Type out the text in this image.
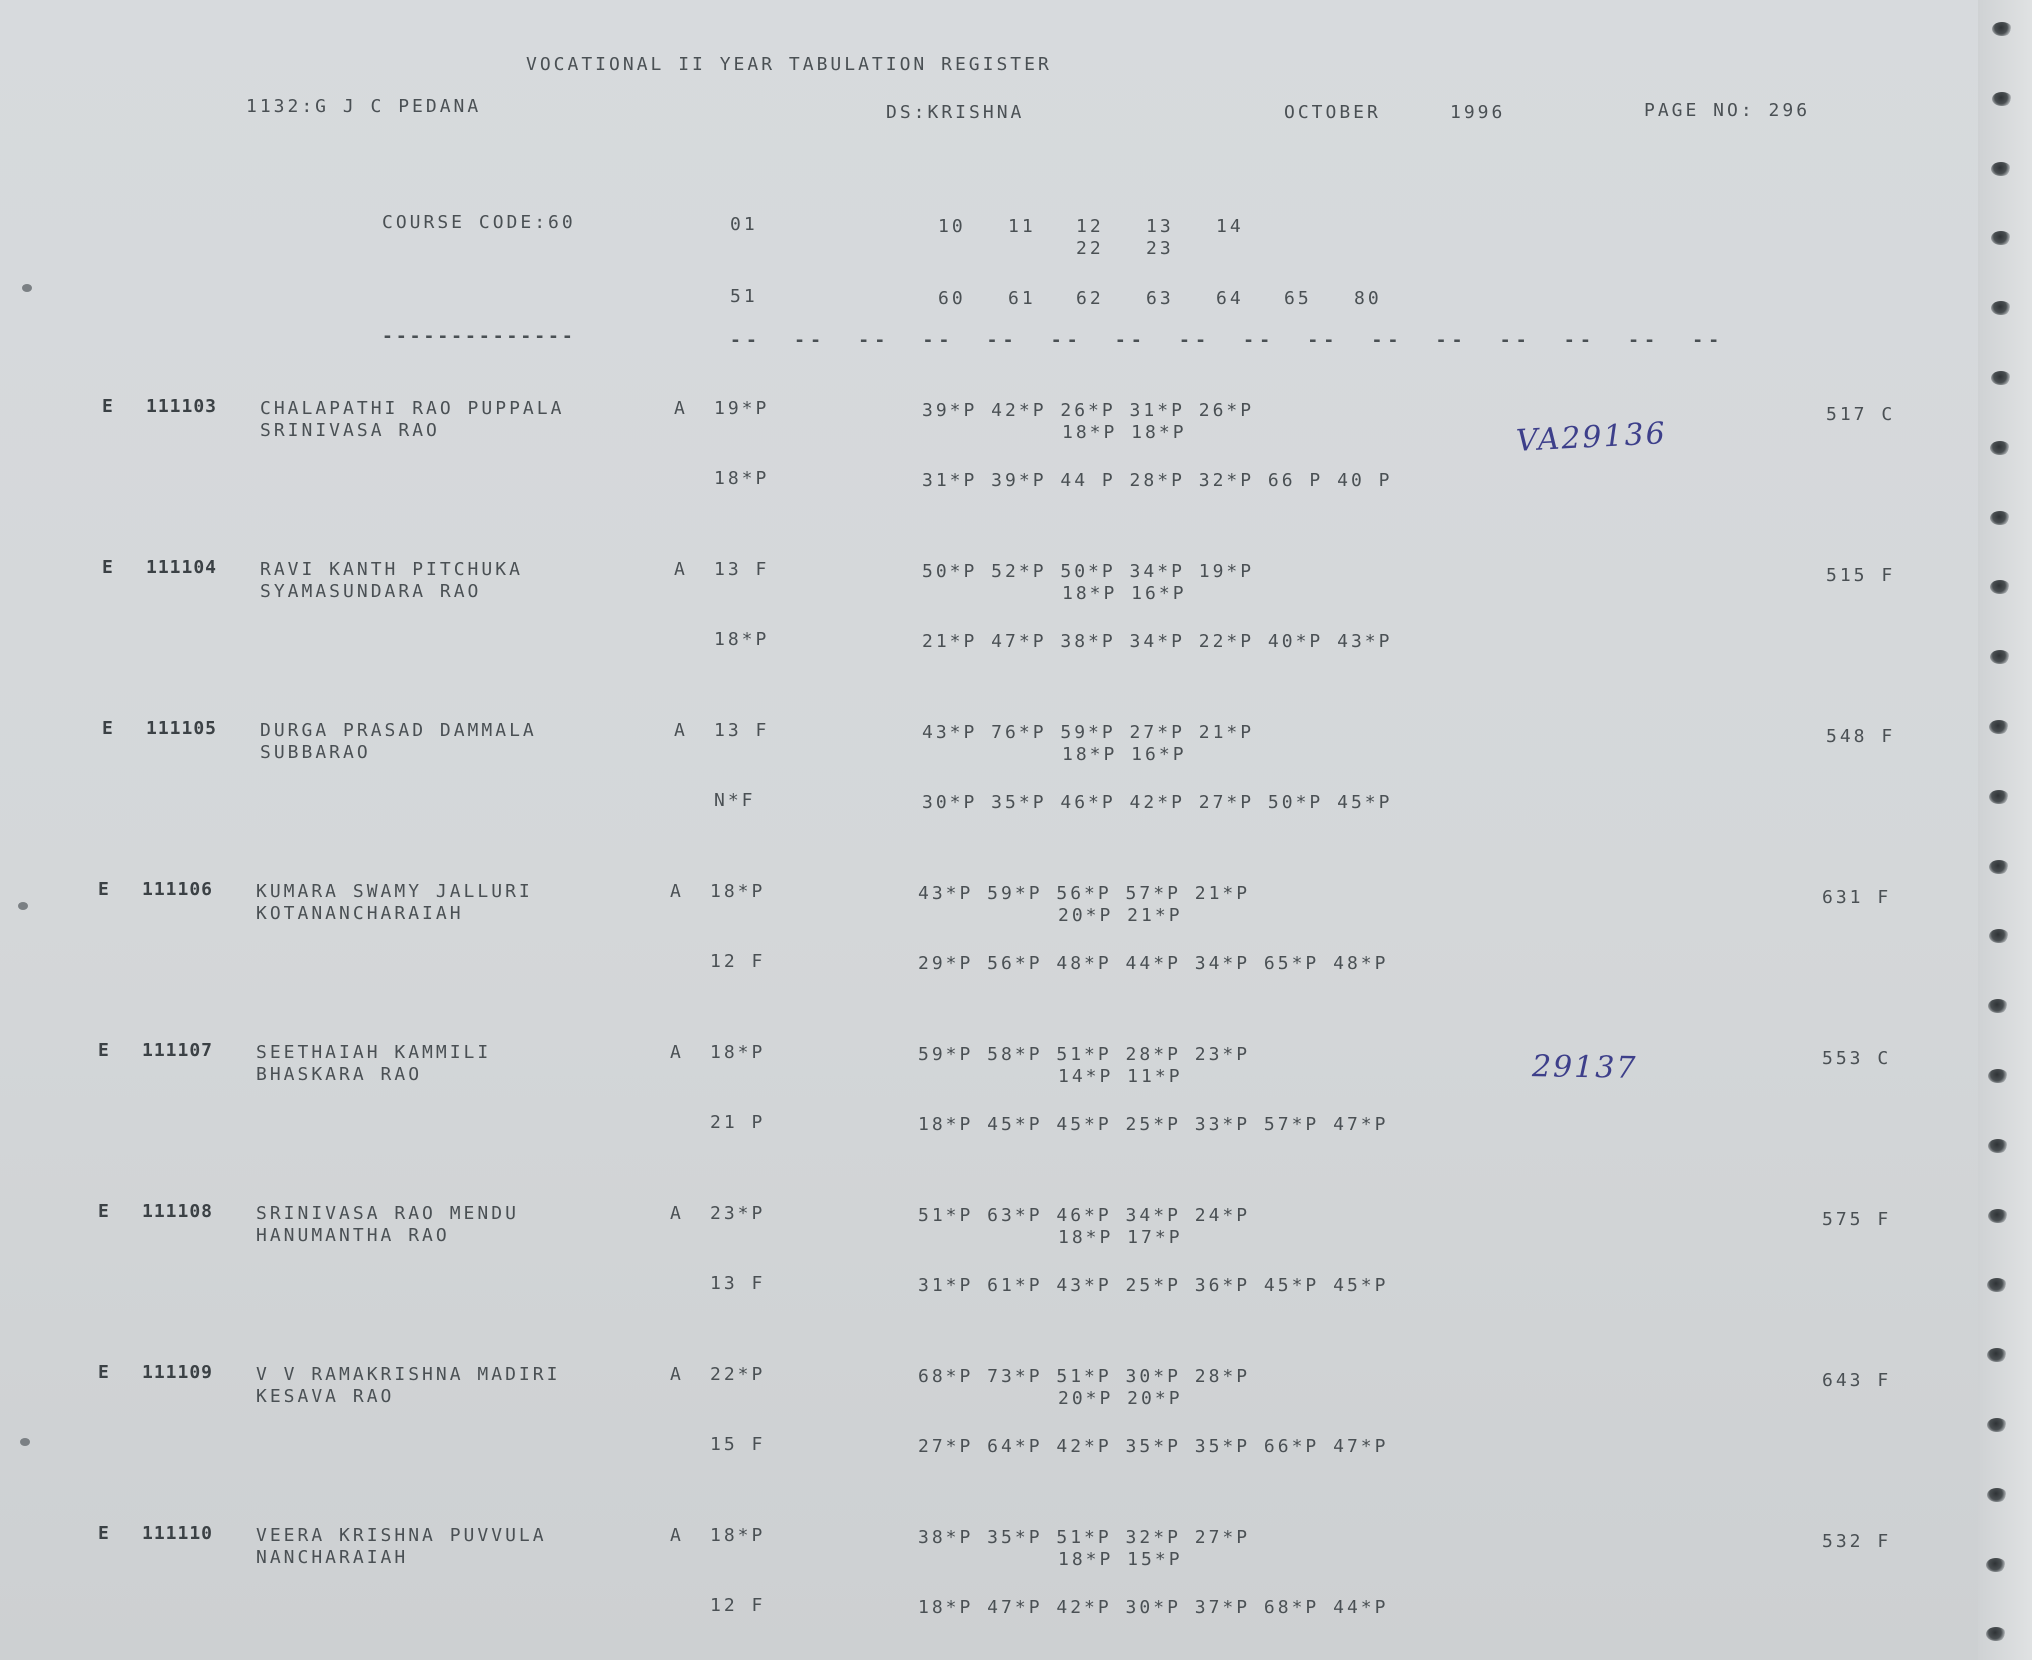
VOCATIONAL II YEAR TABULATION REGISTER
1132:G J C PEDANA	DS:KRISHNA	OCTOBER	1996	PAGE NO: 296
COURSE CODE:60	01	10 11 12 13 14
22 23
51	60 61 62 63 64 65 80
--------------	--  --  --  --  --  --  --  --  --  --  --  --  --  --  --  --
E 111103 CHALAPATHI RAO PUPPALA
SRINIVASA RAO
A 19*P	39*P 42*P 26*P 31*P 26*P
18*P 18*P
18*P	31*P 39*P 44 P 28*P 32*P 66 P 40 P
517 C
E 111104 RAVI KANTH PITCHUKA
SYAMASUNDARA RAO
A 13 F	50*P 52*P 50*P 34*P 19*P
18*P 16*P
18*P	21*P 47*P 38*P 34*P 22*P 40*P 43*P
515 F
E 111105 DURGA PRASAD DAMMALA
SUBBARAO
A 13 F	43*P 76*P 59*P 27*P 21*P
18*P 16*P
N*F	30*P 35*P 46*P 42*P 27*P 50*P 45*P
548 F
E 111106 KUMARA SWAMY JALLURI
KOTANANCHARAIAH
A 18*P	43*P 59*P 56*P 57*P 21*P
20*P 21*P
12 F	29*P 56*P 48*P 44*P 34*P 65*P 48*P
631 F
E 111107 SEETHAIAH KAMMILI
BHASKARA RAO
A 18*P	59*P 58*P 51*P 28*P 23*P
14*P 11*P
21 P	18*P 45*P 45*P 25*P 33*P 57*P 47*P
553 C
E 111108 SRINIVASA RAO MENDU
HANUMANTHA RAO
A 23*P	51*P 63*P 46*P 34*P 24*P
18*P 17*P
13 F	31*P 61*P 43*P 25*P 36*P 45*P 45*P
575 F
E 111109 V V RAMAKRISHNA MADIRI
KESAVA RAO
A 22*P	68*P 73*P 51*P 30*P 28*P
20*P 20*P
15 F	27*P 64*P 42*P 35*P 35*P 66*P 47*P
643 F
E 111110 VEERA KRISHNA PUVVULA
NANCHARAIAH
A 18*P	38*P 35*P 51*P 32*P 27*P
18*P 15*P
12 F	18*P 47*P 42*P 30*P 37*P 68*P 44*P
532 F
VA29136
29137
